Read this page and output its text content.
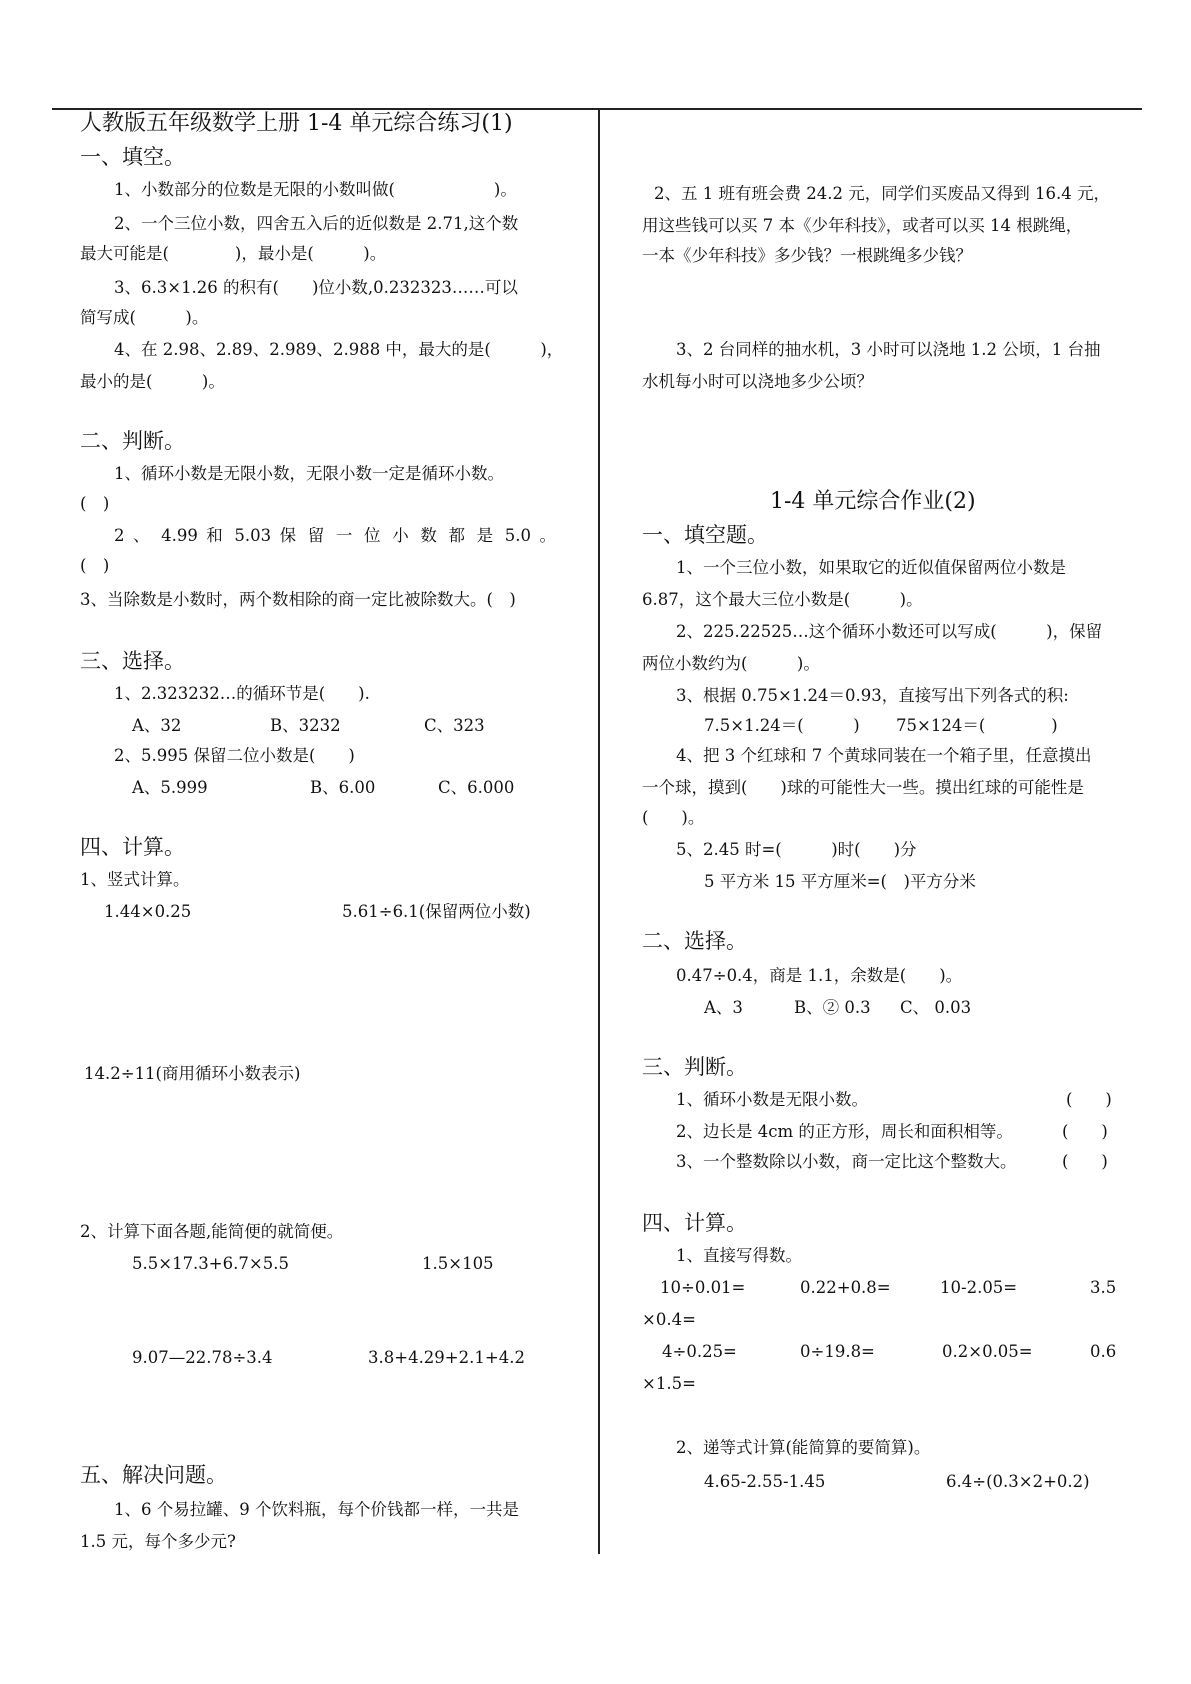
人教版五年级数学上册 1-4 单元综合练习(1)
一、填空。
1、小数部分的位数是无限的小数叫做(　　　　　　)。
2、一个三位小数，四舍五入后的近似数是 2.71,这个数
最大可能是(　　　　)，最小是(　　　)。
3、6.3×1.26 的积有(　　)位小数,0.232323……可以
简写成(　　　)。
4、在 2.98、2.89、2.989、2.988 中，最大的是(　　　)，
最小的是(　　　)。
二、判断。
1、循环小数是无限小数，无限小数一定是循环小数。
(　)
2 、 4.99 和 5.03 保 留 一 位 小 数 都 是 5.0 。
(　)
3、当除数是小数时，两个数相除的商一定比被除数大。(　)
三、选择。
1、2.323232…的循环节是(　　).
A、32	B、3232	C、323
2、5.995 保留二位小数是(　　)
A、5.999	B、6.00	C、6.000
四、计算。
1、竖式计算。
1.44×0.25	5.61÷6.1(保留两位小数)
14.2÷11(商用循环小数表示)
2、计算下面各题,能简便的就简便。
5.5×17.3+6.7×5.5	1.5×105
9.07—22.78÷3.4	3.8+4.29+2.1+4.2
五、解决问题。
1、6 个易拉罐、9 个饮料瓶，每个价钱都一样，一共是
1.5 元，每个多少元?
2、五 1 班有班会费 24.2 元，同学们买废品又得到 16.4 元，
用这些钱可以买 7 本《少年科技》，或者可以买 14 根跳绳，
一本《少年科技》多少钱？一根跳绳多少钱？
3、2 台同样的抽水机，3 小时可以浇地 1.2 公顷，1 台抽
水机每小时可以浇地多少公顷？
1-4 单元综合作业(2)
一、填空题。
1、一个三位小数，如果取它的近似值保留两位小数是
6.87，这个最大三位小数是(　　　)。
2、225.22525…这个循环小数还可以写成(　　　)，保留
两位小数约为(　　　)。
3、根据 0.75×1.24＝0.93，直接写出下列各式的积:
7.5×1.24＝(　　　) 75×124＝(　　　　)
4、把 3 个红球和 7 个黄球同装在一个箱子里，任意摸出
一个球，摸到(　　)球的可能性大一些。摸出红球的可能性是
(　　)。
5、2.45 时=(　　　)时(　　)分
5 平方米 15 平方厘米=(　)平方分米
二、选择。
0.47÷0.4，商是 1.1，余数是(　　)。
A、3	B、② 0.3 C、 0.03
三、判断。
1、循环小数是无限小数。	(　　)
2、边长是 4cm 的正方形，周长和面积相等。	(　　)
3、一个整数除以小数，商一定比这个整数大。	(　　)
四、计算。
1、直接写得数。
10÷0.01=	0.22+0.8=	10-2.05=	3.5
×0.4=
4÷0.25=	0÷19.8=	0.2×0.05=	0.6
×1.5=
2、递等式计算(能简算的要简算)。
4.65-2.55-1.45	6.4÷(0.3×2+0.2)
